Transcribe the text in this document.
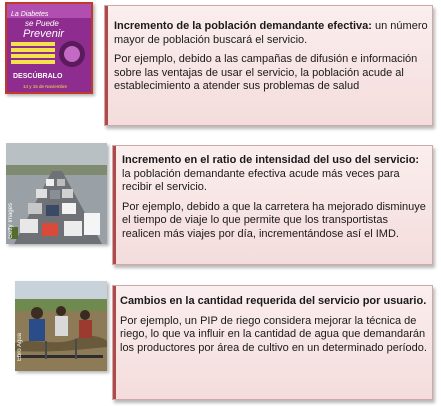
Incremento de la población demandante efectiva: un número mayor de población buscará el servicio.

Por ejemplo, debido a las campañas de difusión e información sobre las ventajas de usar el servicio, la población acude al establecimiento a atender sus problemas de salud

La Diabetes
se Puede
Prevenir
DESCÚBRALO
14 y 15 de Noviembre

Incremento en el ratio de intensidad del uso del servicio: la población demandante efectiva acude más veces para recibir el servicio.

Por ejemplo, debido a que la carretera ha mejorado disminuye el tiempo de viaje lo que permite que los transportistas realicen más viajes por día, incrementándose así el IMD.

Getty Images

Cambios en la cantidad requerida del servicio por usuario.

Por ejemplo, un PIP de riego considera mejorar la técnica de riego, lo que va influir en la cantidad de agua que demandarán los productores por área de cultivo en un determinado período.

Ebro Agua
